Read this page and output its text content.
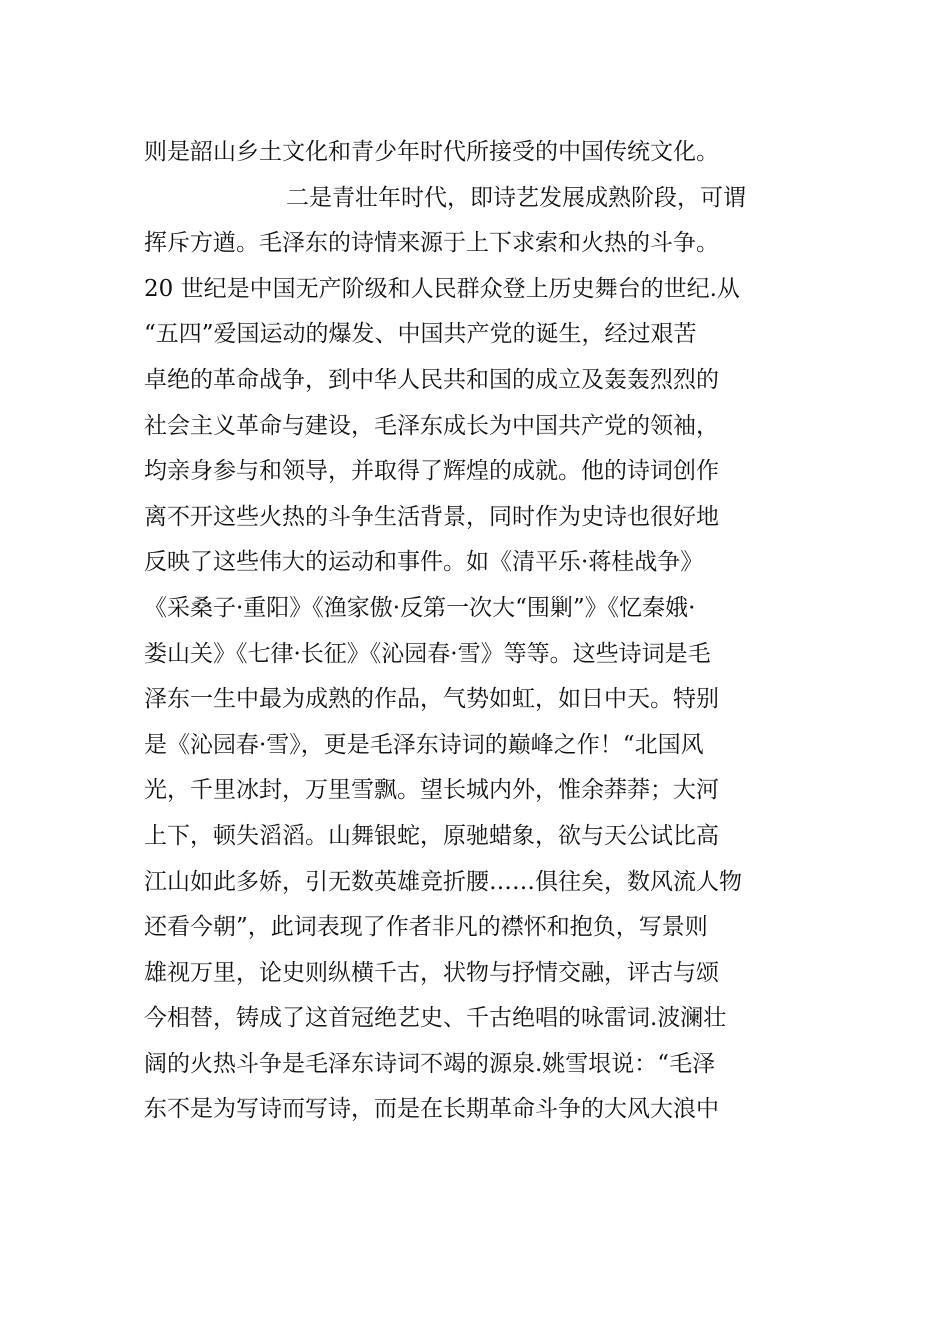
则是韶山乡土文化和青少年时代所接受的中国传统文化。
二是青壮年时代，即诗艺发展成熟阶段，可谓
挥斥方遒。毛泽东的诗情来源于上下求索和火热的斗争。
20 世纪是中国无产阶级和人民群众登上历史舞台的世纪.从
“五四”爱国运动的爆发、中国共产党的诞生，经过艰苦
卓绝的革命战争，到中华人民共和国的成立及轰轰烈烈的
社会主义革命与建设，毛泽东成长为中国共产党的领袖，
均亲身参与和领导，并取得了辉煌的成就。他的诗词创作
离不开这些火热的斗争生活背景，同时作为史诗也很好地
反映了这些伟大的运动和事件。如《清平乐·蒋桂战争》
《采桑子·重阳》《渔家傲·反第一次大“围剿”》《忆秦娥·
娄山关》《七律·长征》《沁园春·雪》等等。这些诗词是毛
泽东一生中最为成熟的作品，气势如虹，如日中天。特别
是《沁园春·雪》，更是毛泽东诗词的巅峰之作！“北国风
光，千里冰封，万里雪飘。望长城内外，惟余莽莽；大河
上下，顿失滔滔。山舞银蛇，原驰蜡象，欲与天公试比高
江山如此多娇，引无数英雄竞折腰……俱往矣，数风流人物
还看今朝”，此词表现了作者非凡的襟怀和抱负，写景则
雄视万里，论史则纵横千古，状物与抒情交融，评古与颂
今相替，铸成了这首冠绝艺史、千古绝唱的咏雷词.波澜壮
阔的火热斗争是毛泽东诗词不竭的源泉.姚雪垠说：“毛泽
东不是为写诗而写诗，而是在长期革命斗争的大风大浪中
